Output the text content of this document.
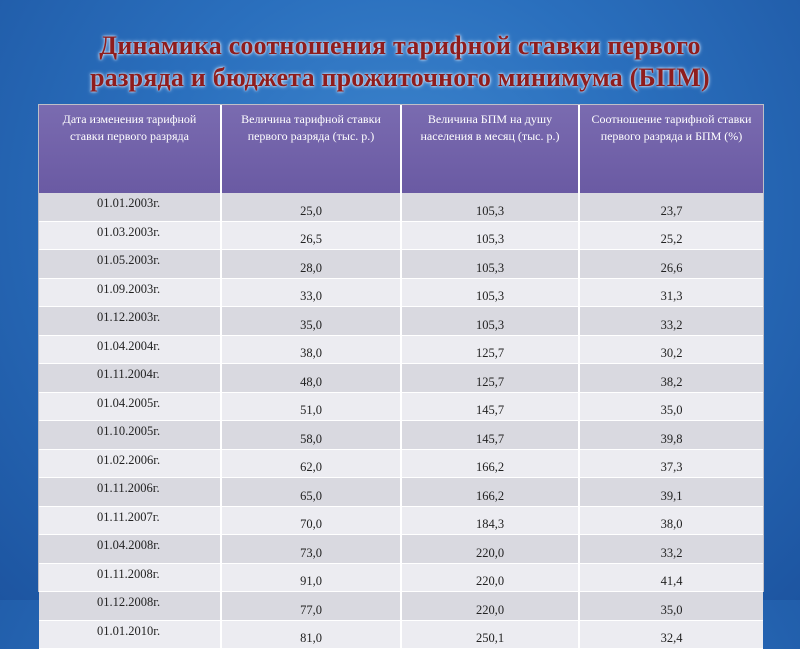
Динамика соотношения тарифной ставки первого
разряда и бюджета прожиточного минимума (БПМ)
Дата изменения тарифной ставки первого разряда	Величина тарифной ставки первого разряда (тыс. р.)	Величина БПМ на душу населения в месяц (тыс. р.)	Соотношение тарифной ставки первого разряда и БПМ (%)
01.01.2003г.	25,0	105,3	23,7
01.03.2003г.	26,5	105,3	25,2
01.05.2003г.	28,0	105,3	26,6
01.09.2003г.	33,0	105,3	31,3
01.12.2003г.	35,0	105,3	33,2
01.04.2004г.	38,0	125,7	30,2
01.11.2004г.	48,0	125,7	38,2
01.04.2005г.	51,0	145,7	35,0
01.10.2005г.	58,0	145,7	39,8
01.02.2006г.	62,0	166,2	37,3
01.11.2006г.	65,0	166,2	39,1
01.11.2007г.	70,0	184,3	38,0
01.04.2008г.	73,0	220,0	33,2
01.11.2008г.	91,0	220,0	41,4
01.12.2008г.	77,0	220,0	35,0
01.01.2010г.	81,0	250,1	32,4
